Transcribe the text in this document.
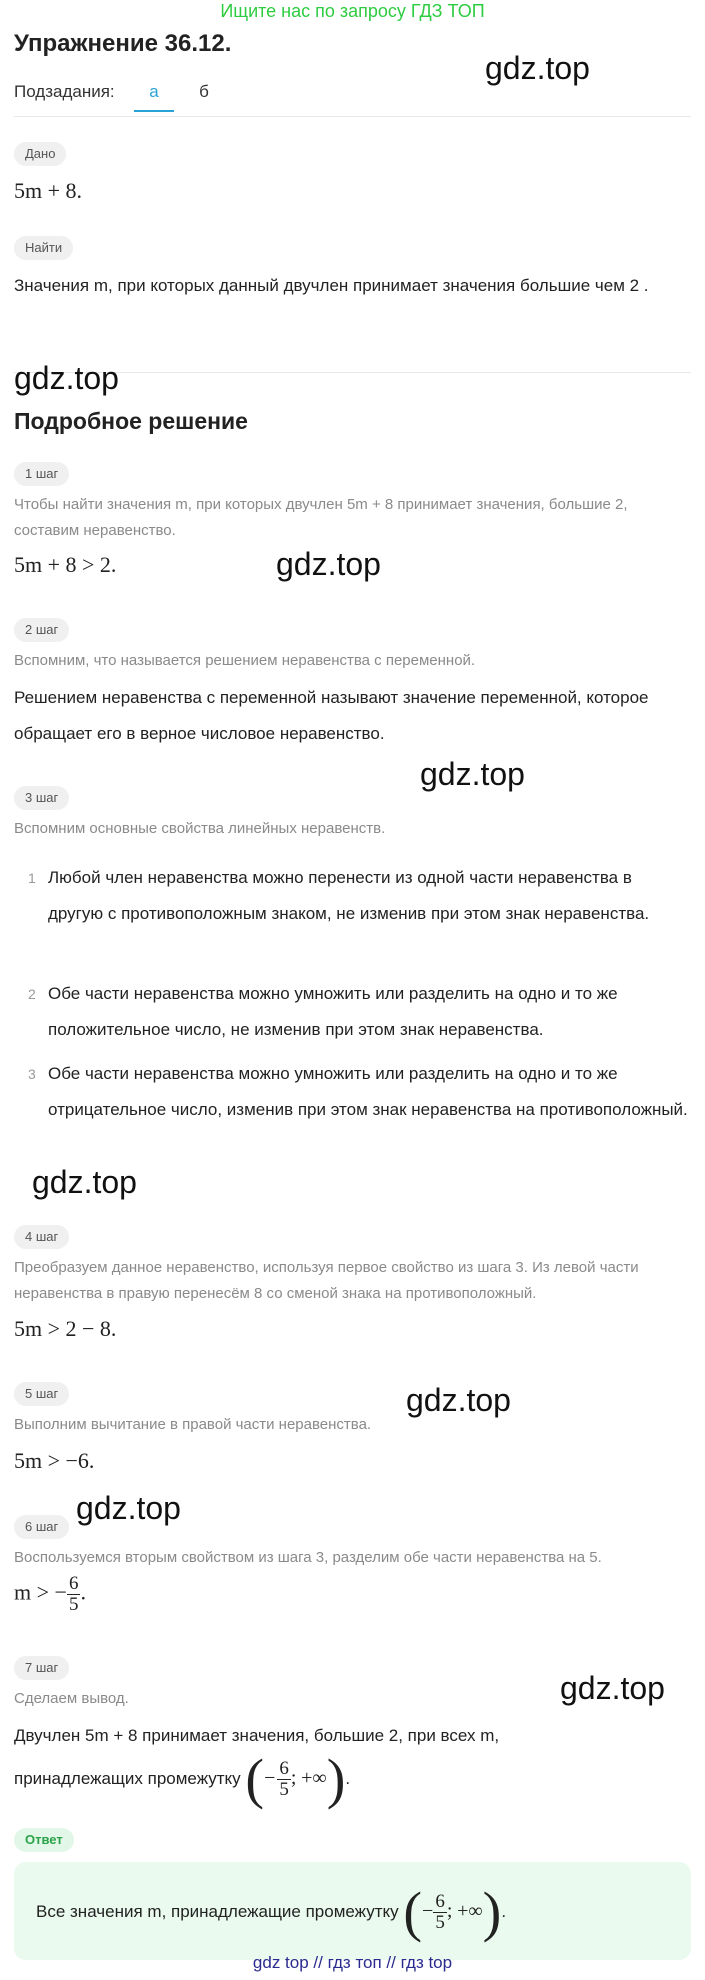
Ищите нас по запросу ГДЗ ТОП
Упражнение 36.12.
gdz.top
Подзадания:	а	б
Дано
5m + 8.
Найти
Значения m, при которых данный двучлен принимает значения большие чем 2 .
gdz.top
Подробное решение
1 шаг
Чтобы найти значения m, при которых двучлен 5m + 8 принимает значения, большие 2, составим неравенство.
5m + 8 > 2.	gdz.top
2 шаг
Вспомним, что называется решением неравенства с переменной.
Решением неравенства с переменной называют значение переменной, которое обращает его в верное числовое неравенство.
gdz.top
3 шаг
Вспомним основные свойства линейных неравенств.
1 Любой член неравенства можно перенести из одной части неравенства в другую с противоположным знаком, не изменив при этом знак неравенства.
2 Обе части неравенства можно умножить или разделить на одно и то же положительное число, не изменив при этом знак неравенства.
3 Обе части неравенства можно умножить или разделить на одно и то же отрицательное число, изменив при этом знак неравенства на противоположный.
gdz.top
4 шаг
Преобразуем данное неравенство, используя первое свойство из шага 3. Из левой части неравенства в правую перенесём 8 со сменой знака на противоположный.
5m > 2 − 8.
5 шаг	gdz.top
Выполним вычитание в правой части неравенства.
5m > −6.
gdz.top
6 шаг
Воспользуемся вторым свойством из шага 3, разделим обе части неравенства на 5.
m > − $\frac{6}{5}$ .
7 шаг
gdz.top
Сделаем вывод.
Двучлен 5m + 8 принимает значения, большие 2, при всех m,
принадлежащих промежутку (− $\frac{6}{5}$ ; +∞).
Ответ
Все значения m, принадлежащие промежутку (− $\frac{6}{5}$ ; +∞).
gdz top // гдз топ // гдз top
